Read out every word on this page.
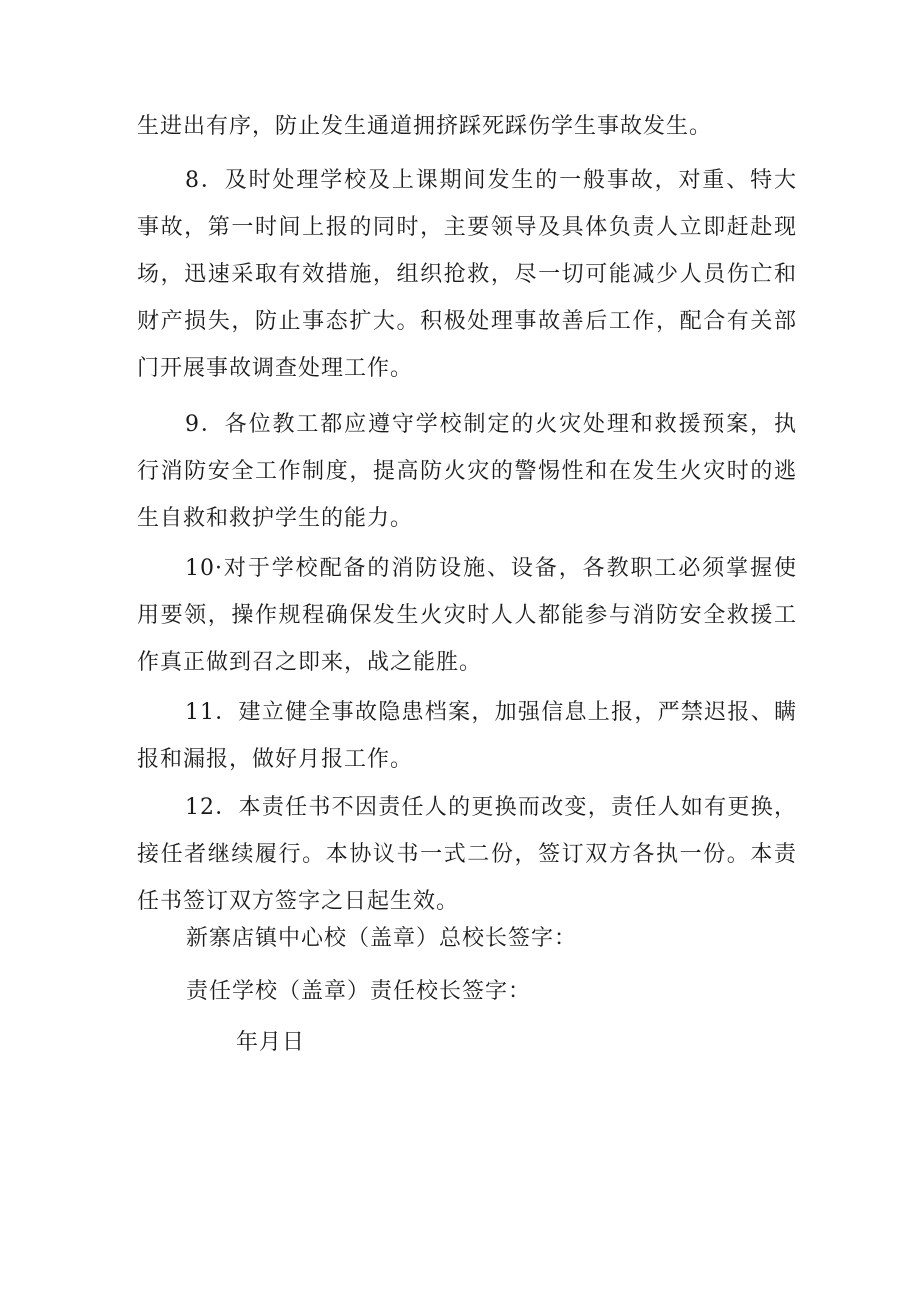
生进出有序，防止发生通道拥挤踩死踩伤学生事故发生。

8．及时处理学校及上课期间发生的一般事故，对重、特大事故，第一时间上报的同时，主要领导及具体负责人立即赶赴现场，迅速采取有效措施，组织抢救，尽一切可能减少人员伤亡和财产损失，防止事态扩大。积极处理事故善后工作，配合有关部门开展事故调查处理工作。

9．各位教工都应遵守学校制定的火灾处理和救援预案，执行消防安全工作制度，提高防火灾的警惕性和在发生火灾时的逃生自救和救护学生的能力。

10·对于学校配备的消防设施、设备，各教职工必须掌握使用要领，操作规程确保发生火灾时人人都能参与消防安全救援工作真正做到召之即来，战之能胜。

11．建立健全事故隐患档案，加强信息上报，严禁迟报、瞒报和漏报，做好月报工作。

12．本责任书不因责任人的更换而改变，责任人如有更换，接任者继续履行。本协议书一式二份，签订双方各执一份。本责任书签订双方签字之日起生效。

新寨店镇中心校（盖章）总校长签字：

责任学校（盖章）责任校长签字：

年月日
